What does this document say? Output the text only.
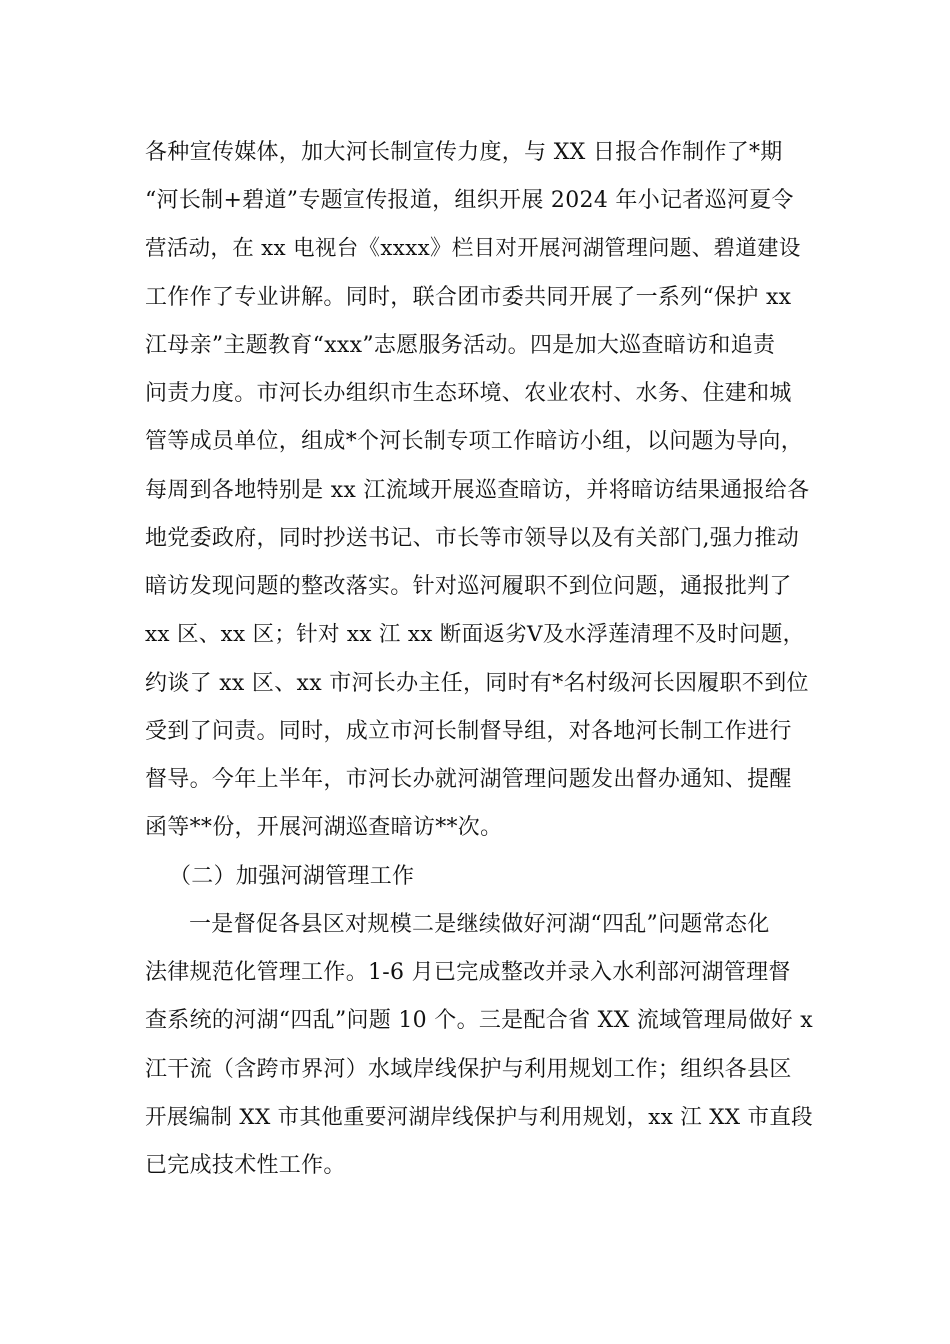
各种宣传媒体，加大河长制宣传力度，与 XX 日报合作制作了*期
“河长制+碧道”专题宣传报道，组织开展 2024 年小记者巡河夏令
营活动，在 xx 电视台《xxxx》栏目对开展河湖管理问题、碧道建设
工作作了专业讲解。同时，联合团市委共同开展了一系列“保护 xx
江母亲”主题教育“xxx”志愿服务活动。四是加大巡查暗访和追责
问责力度。市河长办组织市生态环境、农业农村、水务、住建和城
管等成员单位，组成*个河长制专项工作暗访小组，以问题为导向，
每周到各地特别是 xx 江流域开展巡查暗访，并将暗访结果通报给各
地党委政府，同时抄送书记、市长等市领导以及有关部门,强力推动
暗访发现问题的整改落实。针对巡河履职不到位问题，通报批判了
xx 区、xx 区；针对 xx 江 xx 断面返劣Ⅴ及水浮莲清理不及时问题，
约谈了 xx 区、xx 市河长办主任，同时有*名村级河长因履职不到位
受到了问责。同时，成立市河长制督导组，对各地河长制工作进行
督导。今年上半年，市河长办就河湖管理问题发出督办通知、提醒
函等**份，开展河湖巡查暗访**次。
（二）加强河湖管理工作
一是督促各县区对规模二是继续做好河湖“四乱”问题常态化
法律规范化管理工作。1-6 月已完成整改并录入水利部河湖管理督
查系统的河湖“四乱”问题 10 个。三是配合省 XX 流域管理局做好 x
江干流（含跨市界河）水域岸线保护与利用规划工作；组织各县区
开展编制 XX 市其他重要河湖岸线保护与利用规划，xx 江 XX 市直段
已完成技术性工作。
